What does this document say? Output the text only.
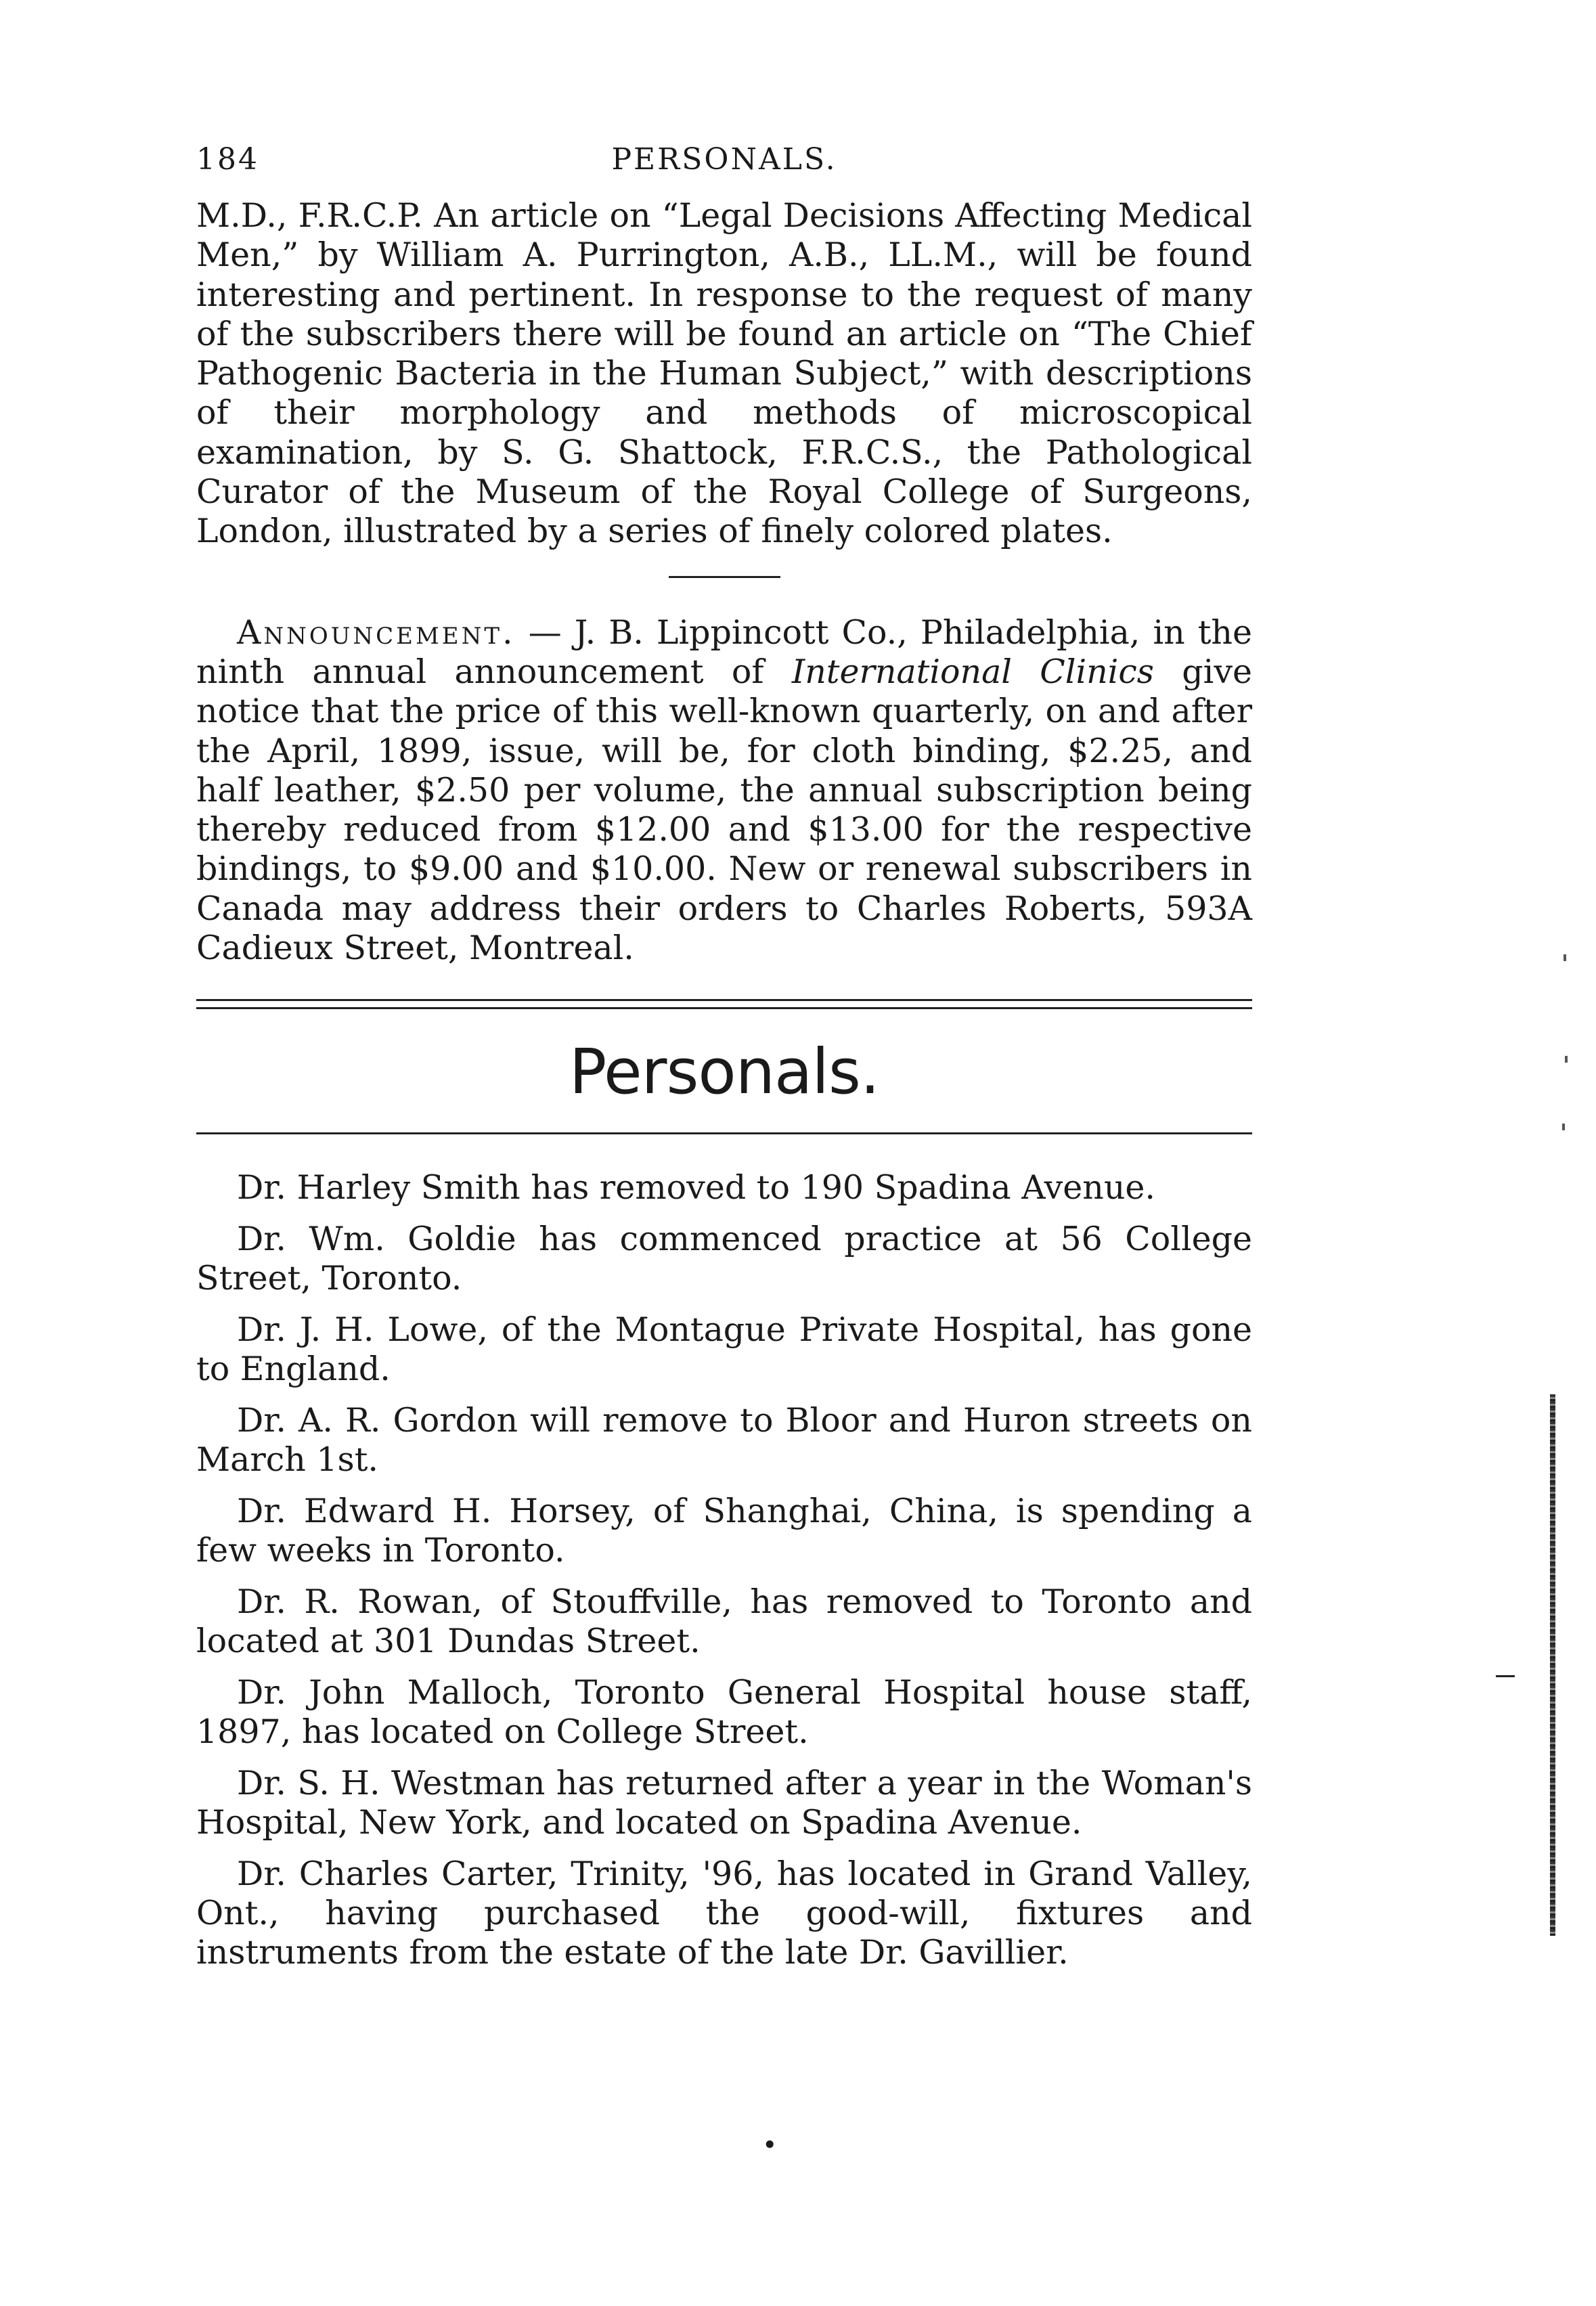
184	PERSONALS.

M.D., F.R.C.P. An article on “Legal Decisions Affecting Medical Men,” by William A. Purrington, A.B., LL.M., will be found interesting and pertinent. In response to the request of many of the subscribers there will be found an article on “The Chief Pathogenic Bacteria in the Human Subject,” with descriptions of their morphology and methods of microscopical examination, by S. G. Shattock, F.R.C.S., the Pathological Curator of the Museum of the Royal College of Surgeons, London, illustrated by a series of finely colored plates.

Announcement. — J. B. Lippincott Co., Philadelphia, in the ninth annual announcement of International Clinics give notice that the price of this well-known quarterly, on and after the April, 1899, issue, will be, for cloth binding, $2.25, and half leather, $2.50 per volume, the annual subscription being thereby reduced from $12.00 and $13.00 for the respective bindings, to $9.00 and $10.00. New or renewal subscribers in Canada may address their orders to Charles Roberts, 593A Cadieux Street, Montreal.

Personals.

Dr. Harley Smith has removed to 190 Spadina Avenue.

Dr. Wm. Goldie has commenced practice at 56 College Street, Toronto.

Dr. J. H. Lowe, of the Montague Private Hospital, has gone to England.

Dr. A. R. Gordon will remove to Bloor and Huron streets on March 1st.

Dr. Edward H. Horsey, of Shanghai, China, is spending a few weeks in Toronto.

Dr. R. Rowan, of Stouffville, has removed to Toronto and located at 301 Dundas Street.

Dr. John Malloch, Toronto General Hospital house staff, 1897, has located on College Street.

Dr. S. H. Westman has returned after a year in the Woman's Hospital, New York, and located on Spadina Avenue.

Dr. Charles Carter, Trinity, '96, has located in Grand Valley, Ont., having purchased the good-will, fixtures and instruments from the estate of the late Dr. Gavillier.

•
